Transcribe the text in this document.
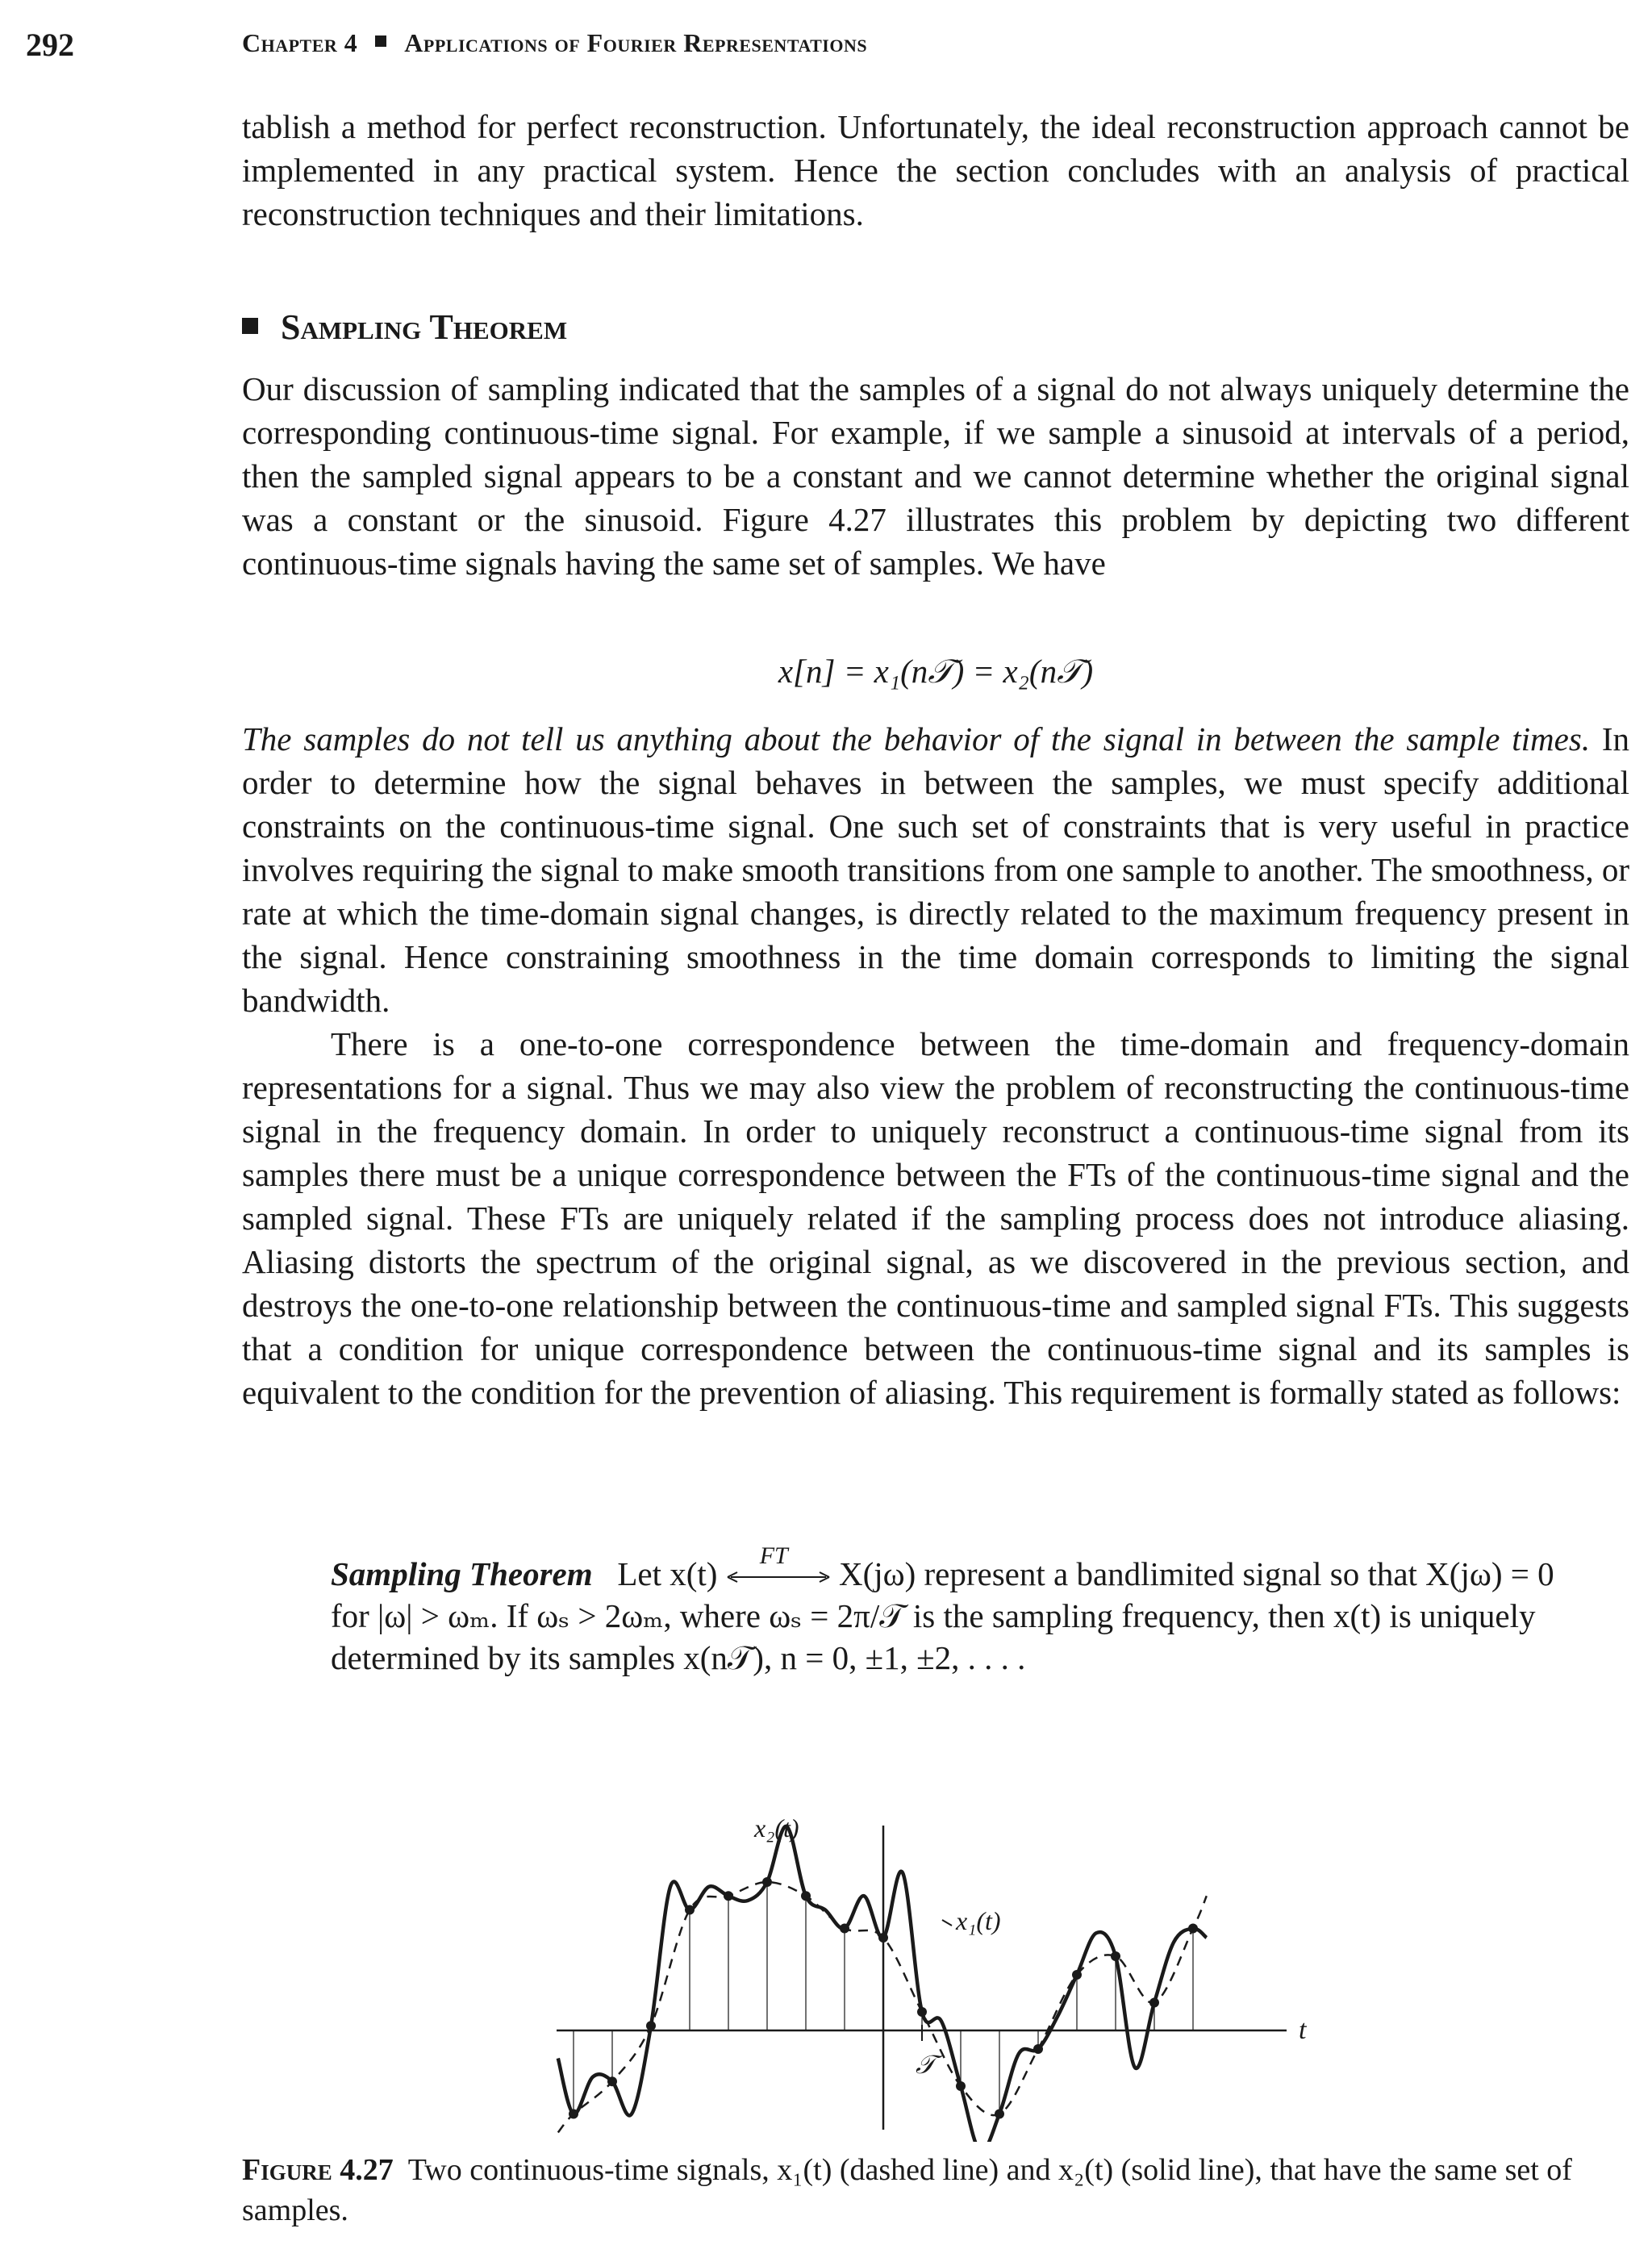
292	Chapter 4 Applications of Fourier Representations

tablish a method for perfect reconstruction. Unfortunately, the ideal reconstruction approach cannot be implemented in any practical system. Hence the section concludes with an analysis of practical reconstruction techniques and their limitations.

Sampling Theorem

Our discussion of sampling indicated that the samples of a signal do not always uniquely determine the corresponding continuous-time signal. For example, if we sample a sinusoid at intervals of a period, then the sampled signal appears to be a constant and we cannot determine whether the original signal was a constant or the sinusoid. Figure 4.27 illustrates this problem by depicting two different continuous-time signals having the same set of samples. We have

x[n] = x₁(n𝒯) = x₂(n𝒯)

The samples do not tell us anything about the behavior of the signal in between the sample times. In order to determine how the signal behaves in between the samples, we must specify additional constraints on the continuous-time signal. One such set of constraints that is very useful in practice involves requiring the signal to make smooth transitions from one sample to another. The smoothness, or rate at which the time-domain signal changes, is directly related to the maximum frequency present in the signal. Hence constraining smoothness in the time domain corresponds to limiting the signal bandwidth.

There is a one-to-one correspondence between the time-domain and frequency-domain representations for a signal. Thus we may also view the problem of reconstructing the continuous-time signal in the frequency domain. In order to uniquely reconstruct a continuous-time signal from its samples there must be a unique correspondence between the FTs of the continuous-time signal and the sampled signal. These FTs are uniquely related if the sampling process does not introduce aliasing. Aliasing distorts the spectrum of the original signal, as we discovered in the previous section, and destroys the one-to-one relationship between the continuous-time and sampled signal FTs. This suggests that a condition for unique correspondence between the continuous-time signal and its samples is equivalent to the condition for the prevention of aliasing. This requirement is formally stated as follows:

Sampling Theorem Let x(t) FT X(jω) represent a bandlimited signal so that X(jω) = 0 for |ω| > ωₘ. If ωₛ > 2ωₘ, where ωₛ = 2π/𝒯 is the sampling frequency, then x(t) is uniquely determined by its samples x(n𝒯), n = 0, ±1, ±2, . . . .
x₂(t)
x₁(t)
t
𝒯
Figure 4.27 Two continuous-time signals, x₁(t) (dashed line) and x₂(t) (solid line), that have the same set of samples.
